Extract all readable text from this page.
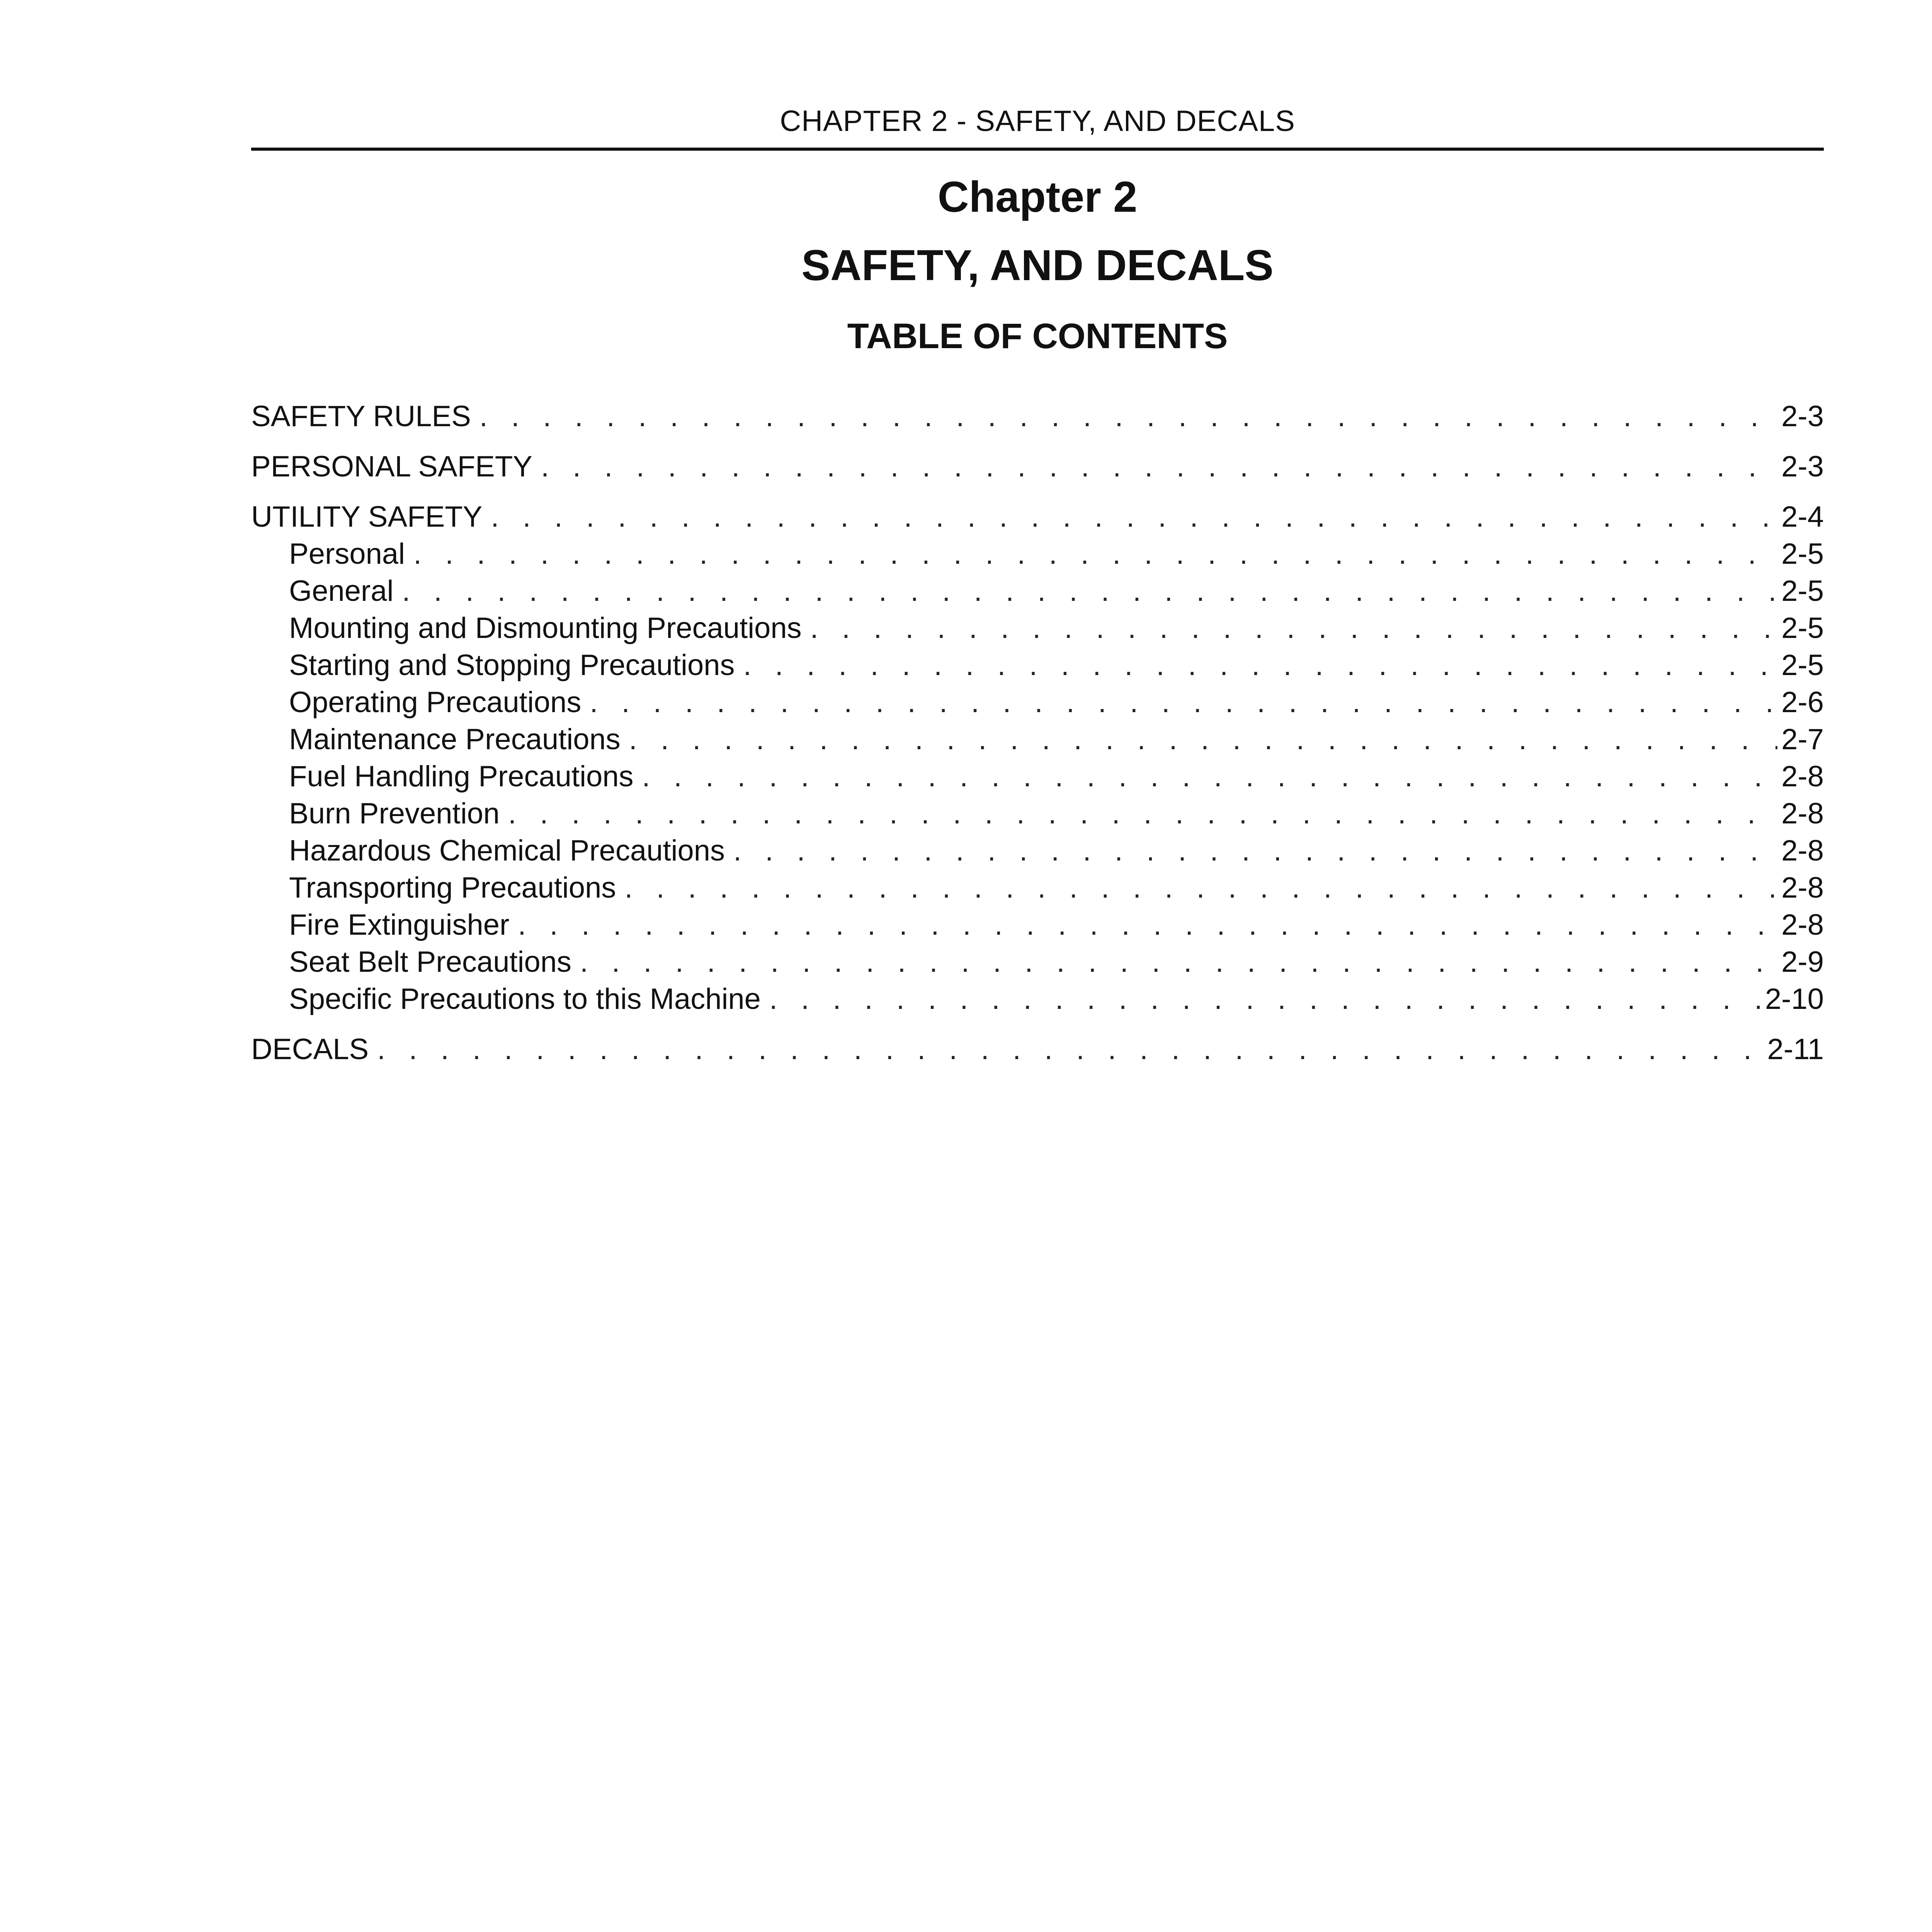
CHAPTER 2 - SAFETY, AND DECALS
Chapter 2
SAFETY, AND DECALS
TABLE OF CONTENTS
SAFETY RULES . . .	2-3
PERSONAL SAFETY . . .	2-3
UTILITY SAFETY . . .	2-4
Personal . . .	2-5
General . . .	2-5
Mounting and Dismounting Precautions . . .	2-5
Starting and Stopping Precautions . . .	2-5
Operating Precautions . . .	2-6
Maintenance Precautions . . .	2-7
Fuel Handling Precautions . . .	2-8
Burn Prevention . . .	2-8
Hazardous Chemical Precautions . . .	2-8
Transporting Precautions . . .	2-8
Fire Extinguisher . . .	2-8
Seat Belt Precautions . . .	2-9
Specific Precautions to this Machine . . .	2-10
DECALS . . .	2-11
